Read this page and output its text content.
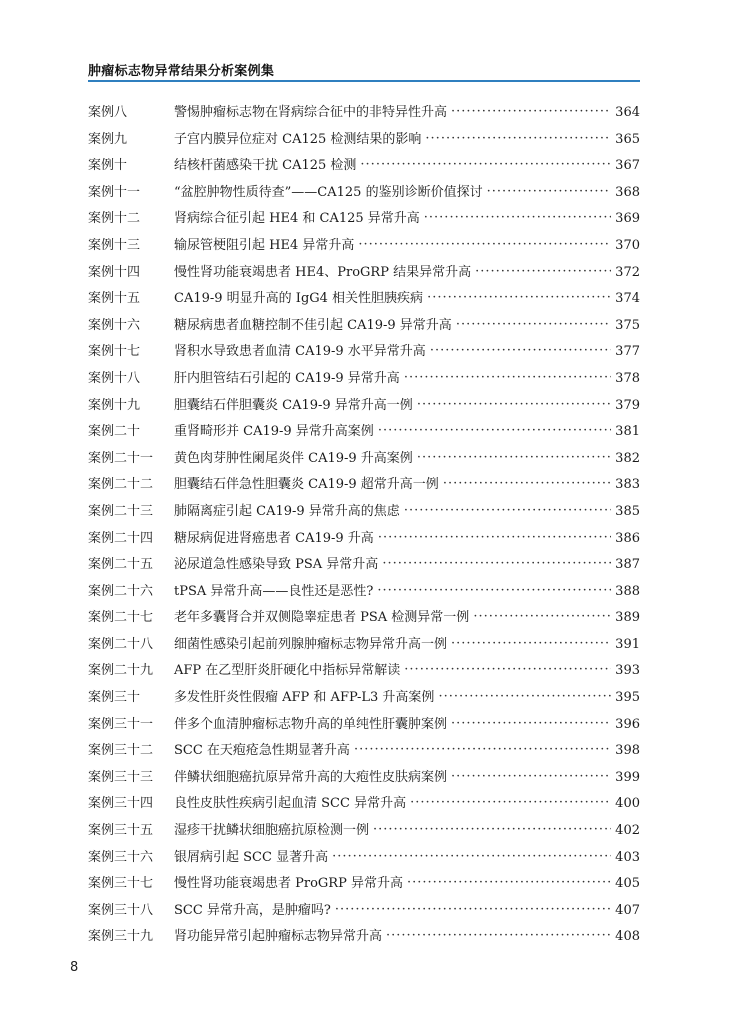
肿瘤标志物异常结果分析案例集
案例八	警惕肿瘤标志物在肾病综合征中的非特异性升高 ·····	364
案例九	子宫内膜异位症对 CA125 检测结果的影响 ·····	365
案例十	结核杆菌感染干扰 CA125 检测 ·····	367
案例十一	“盆腔肿物性质待查”——CA125 的鉴别诊断价值探讨 ·····	368
案例十二	肾病综合征引起 HE4 和 CA125 异常升高 ·····	369
案例十三	输尿管梗阻引起 HE4 异常升高 ·····	370
案例十四	慢性肾功能衰竭患者 HE4、ProGRP 结果异常升高 ·····	372
案例十五	CA19-9 明显升高的 IgG4 相关性胆胰疾病 ·····	374
案例十六	糖尿病患者血糖控制不佳引起 CA19-9 异常升高 ·····	375
案例十七	肾积水导致患者血清 CA19-9 水平异常升高 ·····	377
案例十八	肝内胆管结石引起的 CA19-9 异常升高 ·····	378
案例十九	胆囊结石伴胆囊炎 CA19-9 异常升高一例 ·····	379
案例二十	重肾畸形并 CA19-9 异常升高案例 ·····	381
案例二十一	黄色肉芽肿性阑尾炎伴 CA19-9 升高案例 ·····	382
案例二十二	胆囊结石伴急性胆囊炎 CA19-9 超常升高一例 ·····	383
案例二十三	肺隔离症引起 CA19-9 异常升高的焦虑 ·····	385
案例二十四	糖尿病促进肾癌患者 CA19-9 升高 ·····	386
案例二十五	泌尿道急性感染导致 PSA 异常升高 ·····	387
案例二十六	tPSA 异常升高——良性还是恶性? ·····	388
案例二十七	老年多囊肾合并双侧隐睾症患者 PSA 检测异常一例 ·····	389
案例二十八	细菌性感染引起前列腺肿瘤标志物异常升高一例 ·····	391
案例二十九	AFP 在乙型肝炎肝硬化中指标异常解读 ·····	393
案例三十	多发性肝炎性假瘤 AFP 和 AFP-L3 升高案例 ·····	395
案例三十一	伴多个血清肿瘤标志物升高的单纯性肝囊肿案例 ·····	396
案例三十二	SCC 在天疱疮急性期显著升高 ·····	398
案例三十三	伴鳞状细胞癌抗原异常升高的大疱性皮肤病案例 ·····	399
案例三十四	良性皮肤性疾病引起血清 SCC 异常升高 ·····	400
案例三十五	湿疹干扰鳞状细胞癌抗原检测一例 ·····	402
案例三十六	银屑病引起 SCC 显著升高 ·····	403
案例三十七	慢性肾功能衰竭患者 ProGRP 异常升高 ·····	405
案例三十八	SCC 异常升高，是肿瘤吗? ·····	407
案例三十九	肾功能异常引起肿瘤标志物异常升高 ·····	408
8
